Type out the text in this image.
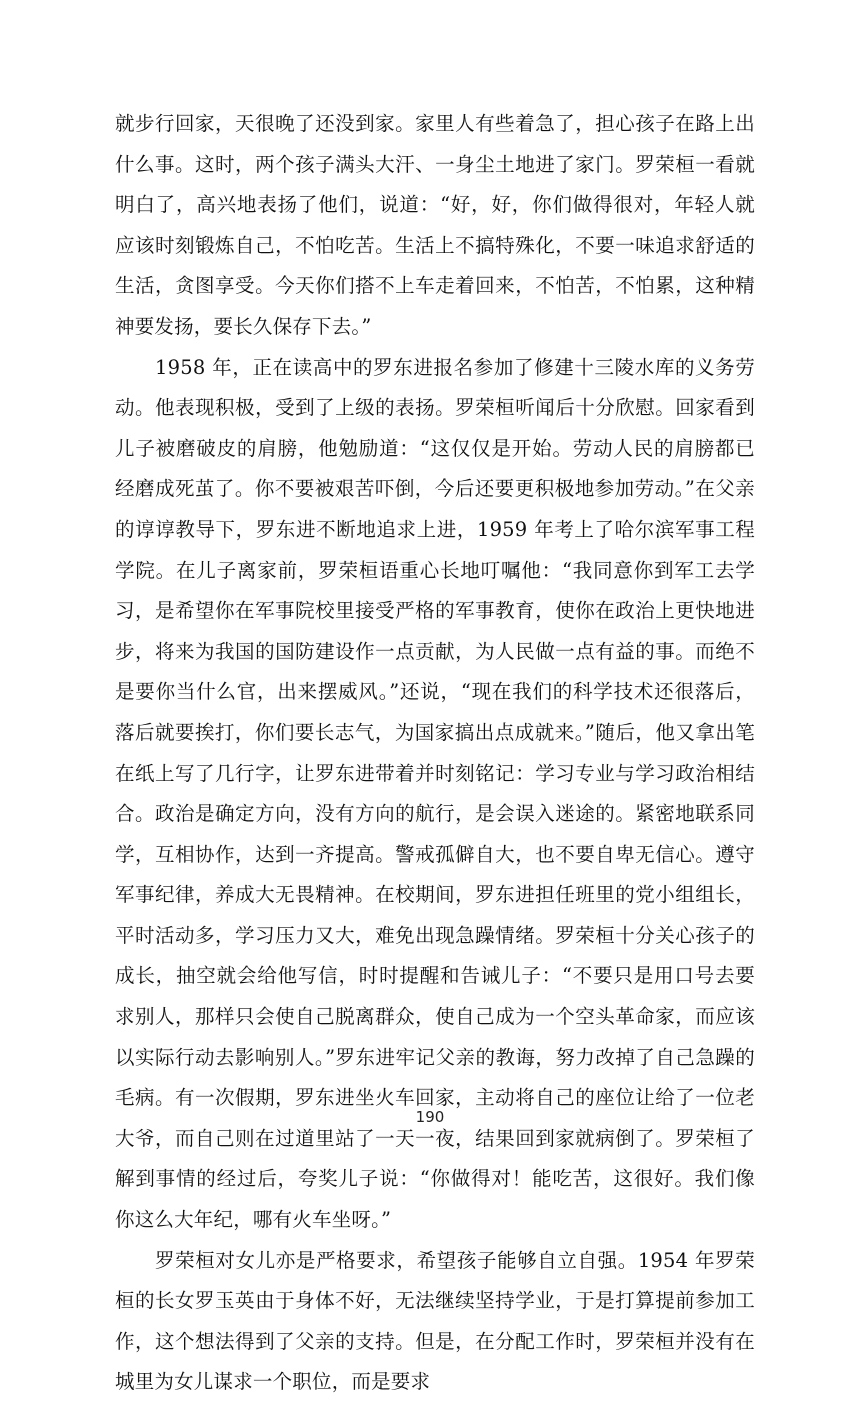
就步行回家，天很晚了还没到家。家里人有些着急了，担心孩子在路上出什么事。这时，两个孩子满头大汗、一身尘土地进了家门。罗荣桓一看就明白了，高兴地表扬了他们，说道：“好，好，你们做得很对，年轻人就应该时刻锻炼自己，不怕吃苦。生活上不搞特殊化，不要一味追求舒适的生活，贪图享受。今天你们搭不上车走着回来，不怕苦，不怕累，这种精神要发扬，要长久保存下去。”

1958 年，正在读高中的罗东进报名参加了修建十三陵水库的义务劳动。他表现积极，受到了上级的表扬。罗荣桓听闻后十分欣慰。回家看到儿子被磨破皮的肩膀，他勉励道：“这仅仅是开始。劳动人民的肩膀都已经磨成死茧了。你不要被艰苦吓倒，今后还要更积极地参加劳动。”在父亲的谆谆教导下，罗东进不断地追求上进，1959 年考上了哈尔滨军事工程学院。在儿子离家前，罗荣桓语重心长地叮嘱他：“我同意你到军工去学习，是希望你在军事院校里接受严格的军事教育，使你在政治上更快地进步，将来为我国的国防建设作一点贡献，为人民做一点有益的事。而绝不是要你当什么官，出来摆威风。”还说，“现在我们的科学技术还很落后，落后就要挨打，你们要长志气，为国家搞出点成就来。”随后，他又拿出笔在纸上写了几行字，让罗东进带着并时刻铭记：学习专业与学习政治相结合。政治是确定方向，没有方向的航行，是会误入迷途的。紧密地联系同学，互相协作，达到一齐提高。警戒孤僻自大，也不要自卑无信心。遵守军事纪律，养成大无畏精神。在校期间，罗东进担任班里的党小组组长，平时活动多，学习压力又大，难免出现急躁情绪。罗荣桓十分关心孩子的成长，抽空就会给他写信，时时提醒和告诫儿子：“不要只是用口号去要求别人，那样只会使自己脱离群众，使自己成为一个空头革命家，而应该以实际行动去影响别人。”罗东进牢记父亲的教诲，努力改掉了自己急躁的毛病。有一次假期，罗东进坐火车回家，主动将自己的座位让给了一位老大爷，而自己则在过道里站了一天一夜，结果回到家就病倒了。罗荣桓了解到事情的经过后，夸奖儿子说：“你做得对！能吃苦，这很好。我们像你这么大年纪，哪有火车坐呀。”

罗荣桓对女儿亦是严格要求，希望孩子能够自立自强。1954 年罗荣桓的长女罗玉英由于身体不好，无法继续坚持学业，于是打算提前参加工作，这个想法得到了父亲的支持。但是，在分配工作时，罗荣桓并没有在城里为女儿谋求一个职位，而是要求

190
